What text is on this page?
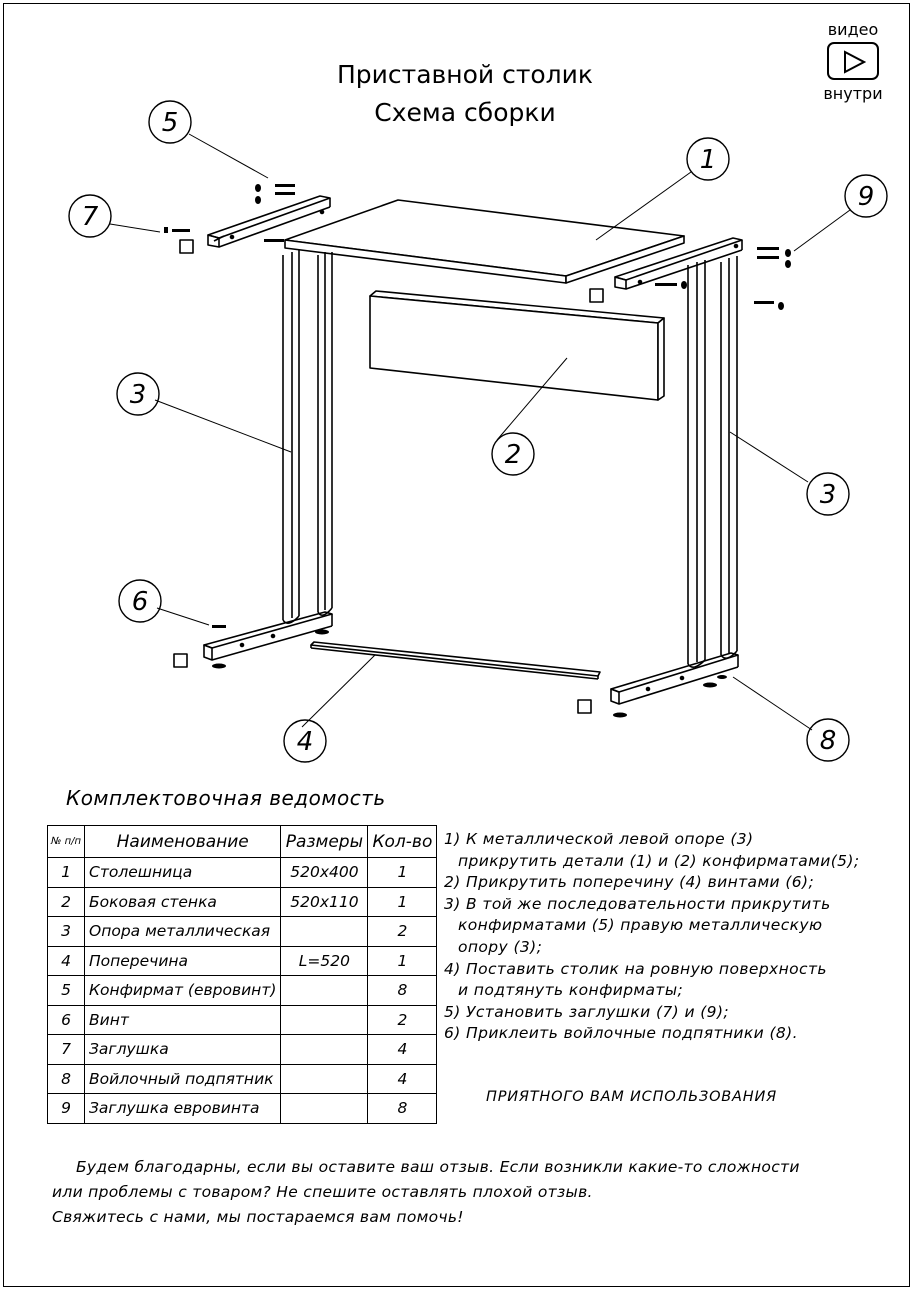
Приставной столик
Схема сборки
видео
внутри
1
2
3
3
4
5
6
7
8
9
Комплектовочная ведомость
№ п/п	Наименование	Размеры	Кол-во
1	Столешница	520x400	1
2	Боковая стенка	520x110	1
3	Опора металлическая		2
4	Поперечина	L=520	1
5	Конфирмат (евровинт)		8
6	Винт		2
7	Заглушка		4
8	Войлочный подпятник		4
9	Заглушка евровинта		8
1) К металлической левой опоре (3)
прикрутить детали (1) и (2) конфирматами(5);
2) Прикрутить поперечину (4) винтами (6);
3) В той же последовательности прикрутить
конфирматами (5) правую металлическую
опору (3);
4) Поставить столик на ровную поверхность
и подтянуть конфирматы;
5) Установить заглушки (7) и (9);
6) Приклеить войлочные подпятники (8).
ПРИЯТНОГО ВАМ ИСПОЛЬЗОВАНИЯ
Будем благодарны, если вы оставите ваш отзыв. Если возникли какие-то сложности
или проблемы с товаром? Не спешите оставлять плохой отзыв.
Свяжитесь с нами, мы постараемся вам помочь!
